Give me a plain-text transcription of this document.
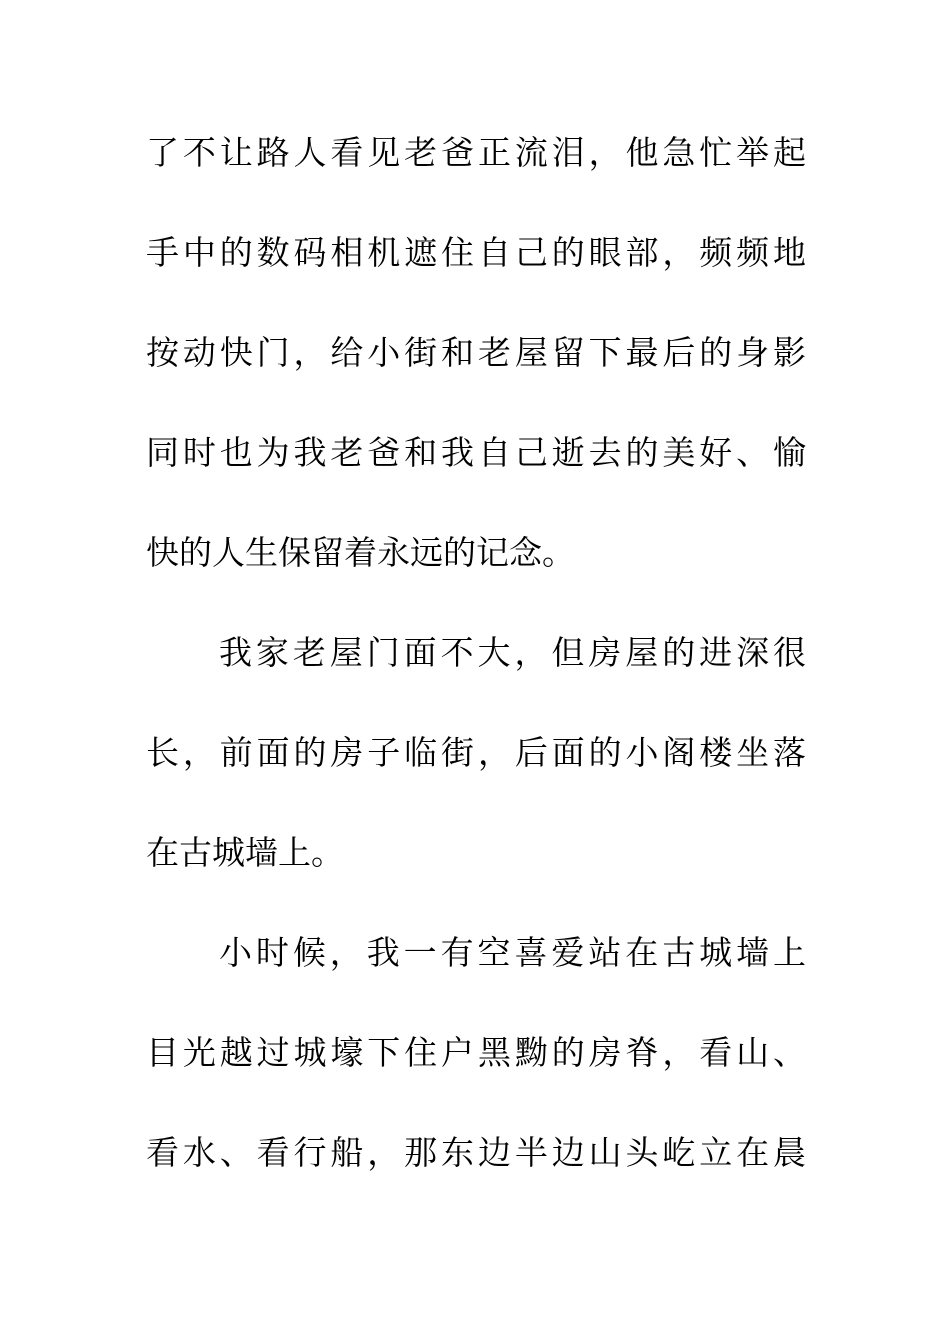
了不让路人看见老爸正流泪，他急忙举起
手中的数码相机遮住自己的眼部，频频地
按动快门，给小街和老屋留下最后的身影
同时也为我老爸和我自己逝去的美好、愉
快的人生保留着永远的记念。
我家老屋门面不大，但房屋的进深很
长，前面的房子临街，后面的小阁楼坐落
在古城墙上。
小时候，我一有空喜爱站在古城墙上
目光越过城壕下住户黑黝的房脊，看山、
看水、看行船，那东边半边山头屹立在晨
